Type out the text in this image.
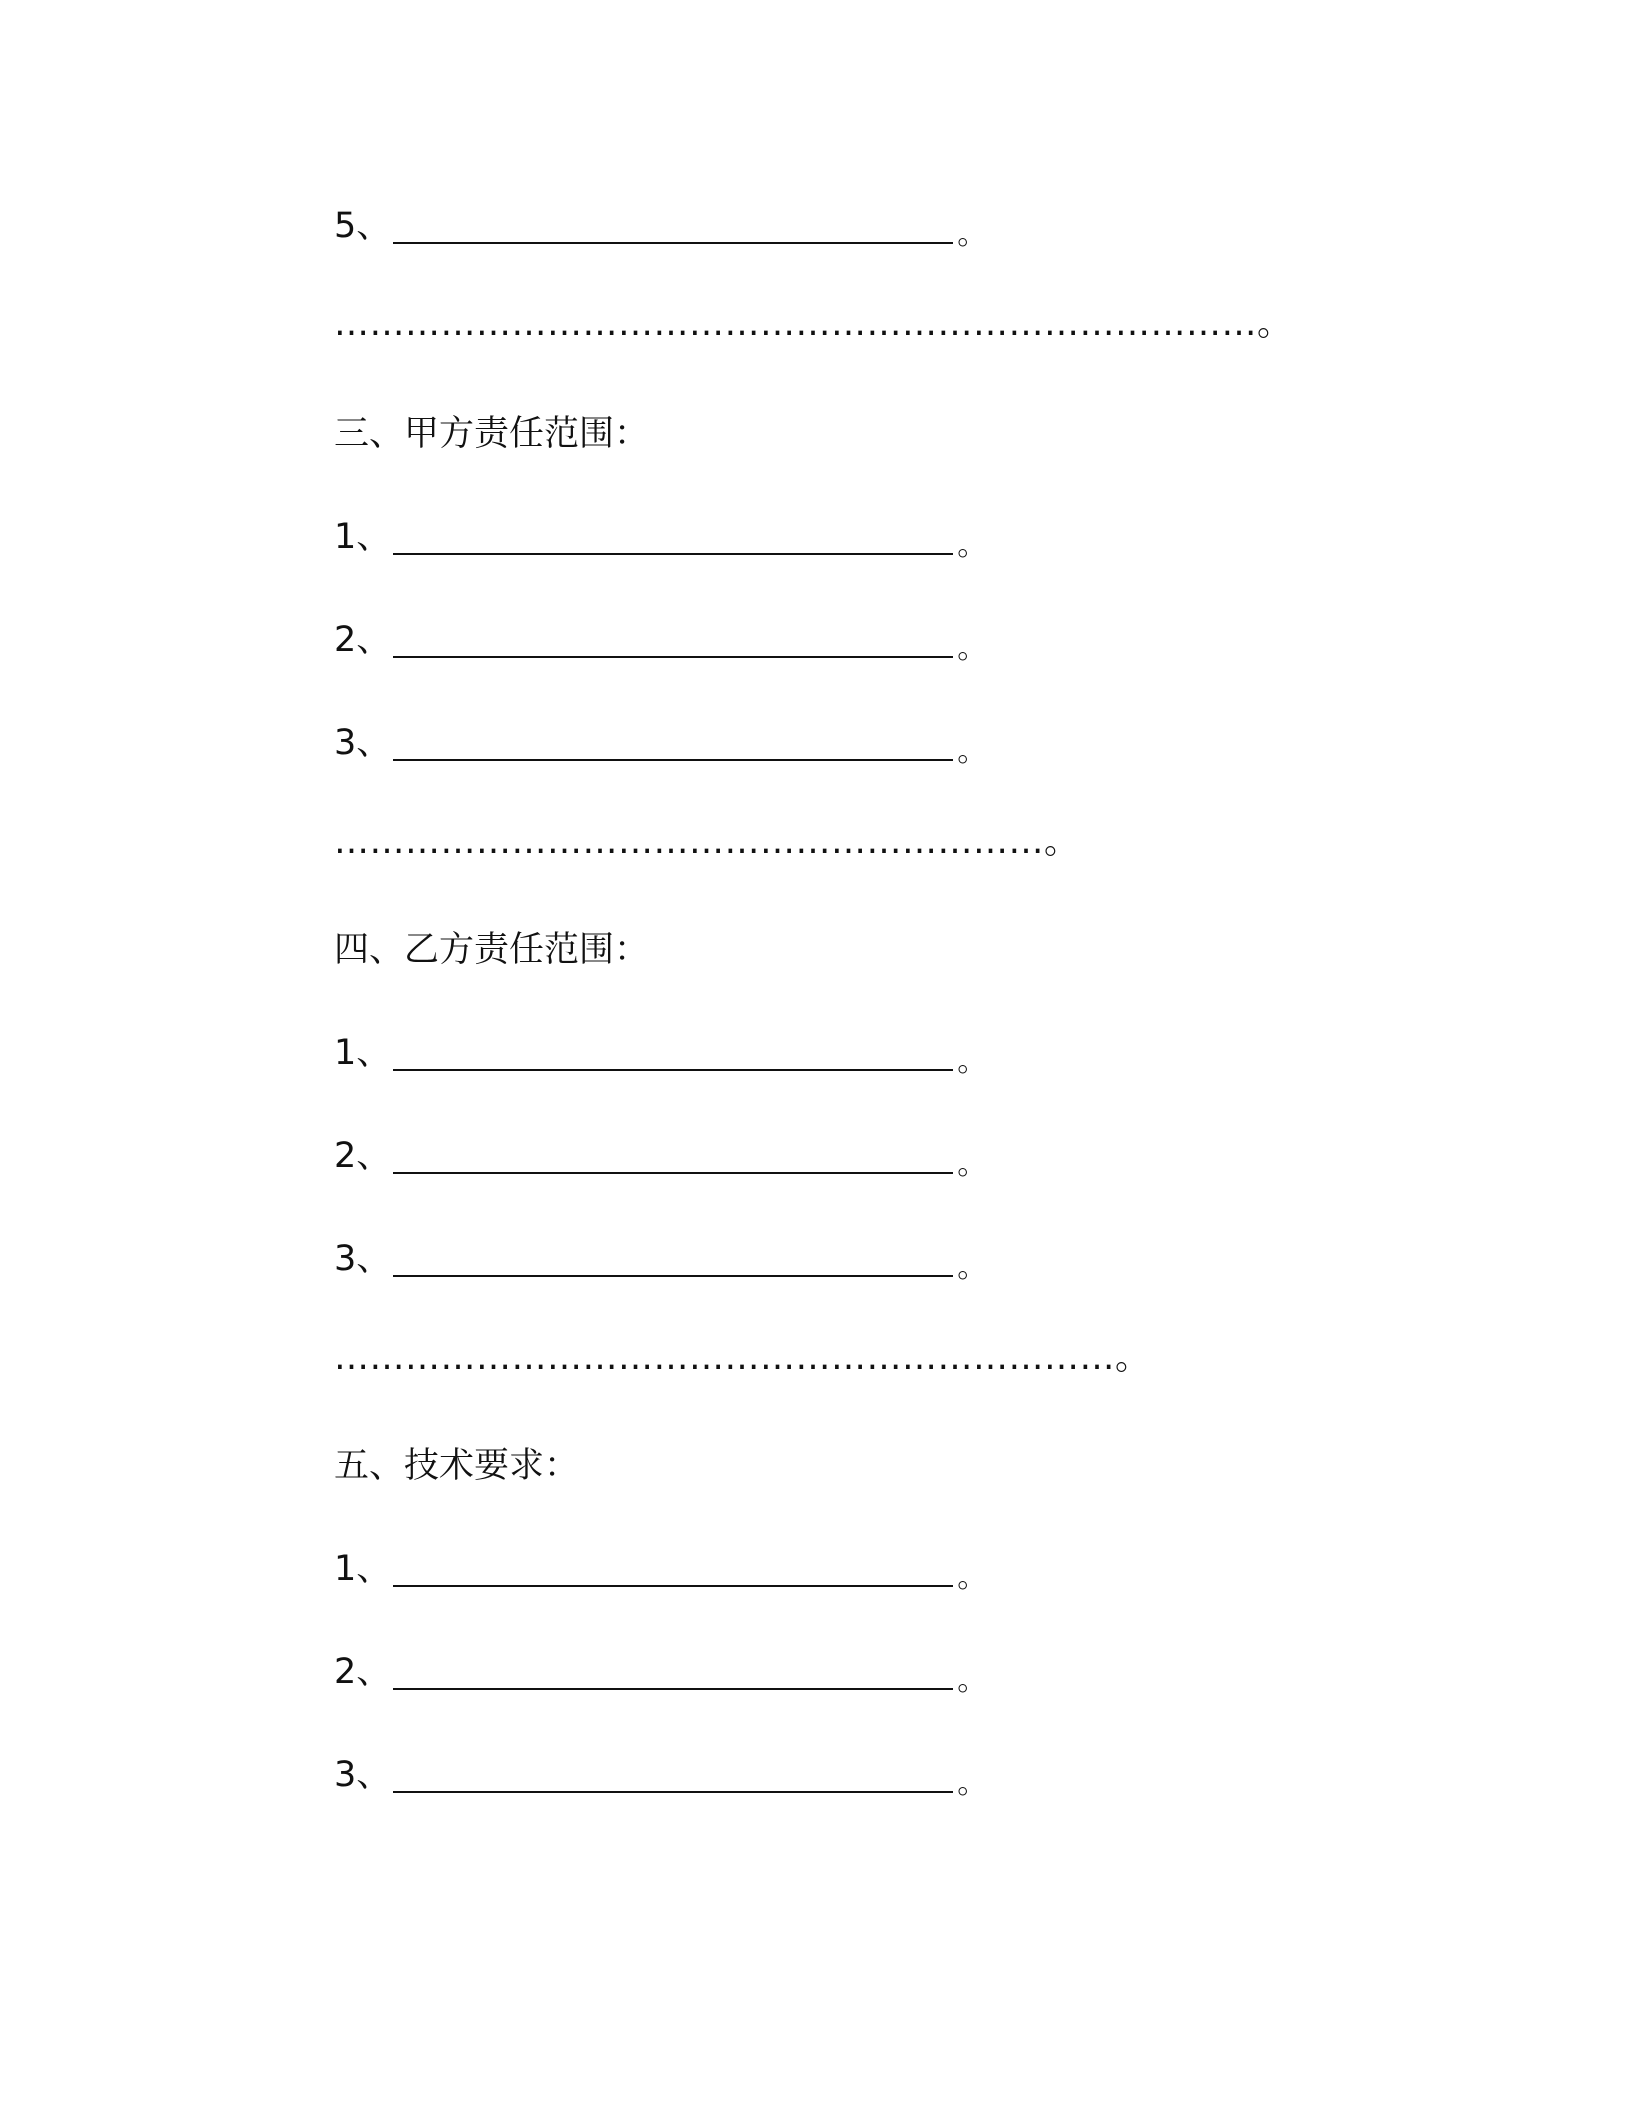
5、	。
……………………………………………………………………。
三、甲方责任范围：
1、	。
2、	。
3、	。
……………………………………………………。
四、乙方责任范围：
1、	。
2、	。
3、	。
…………………………………………………………。
五、技术要求：
1、	。
2、	。
3、	。
